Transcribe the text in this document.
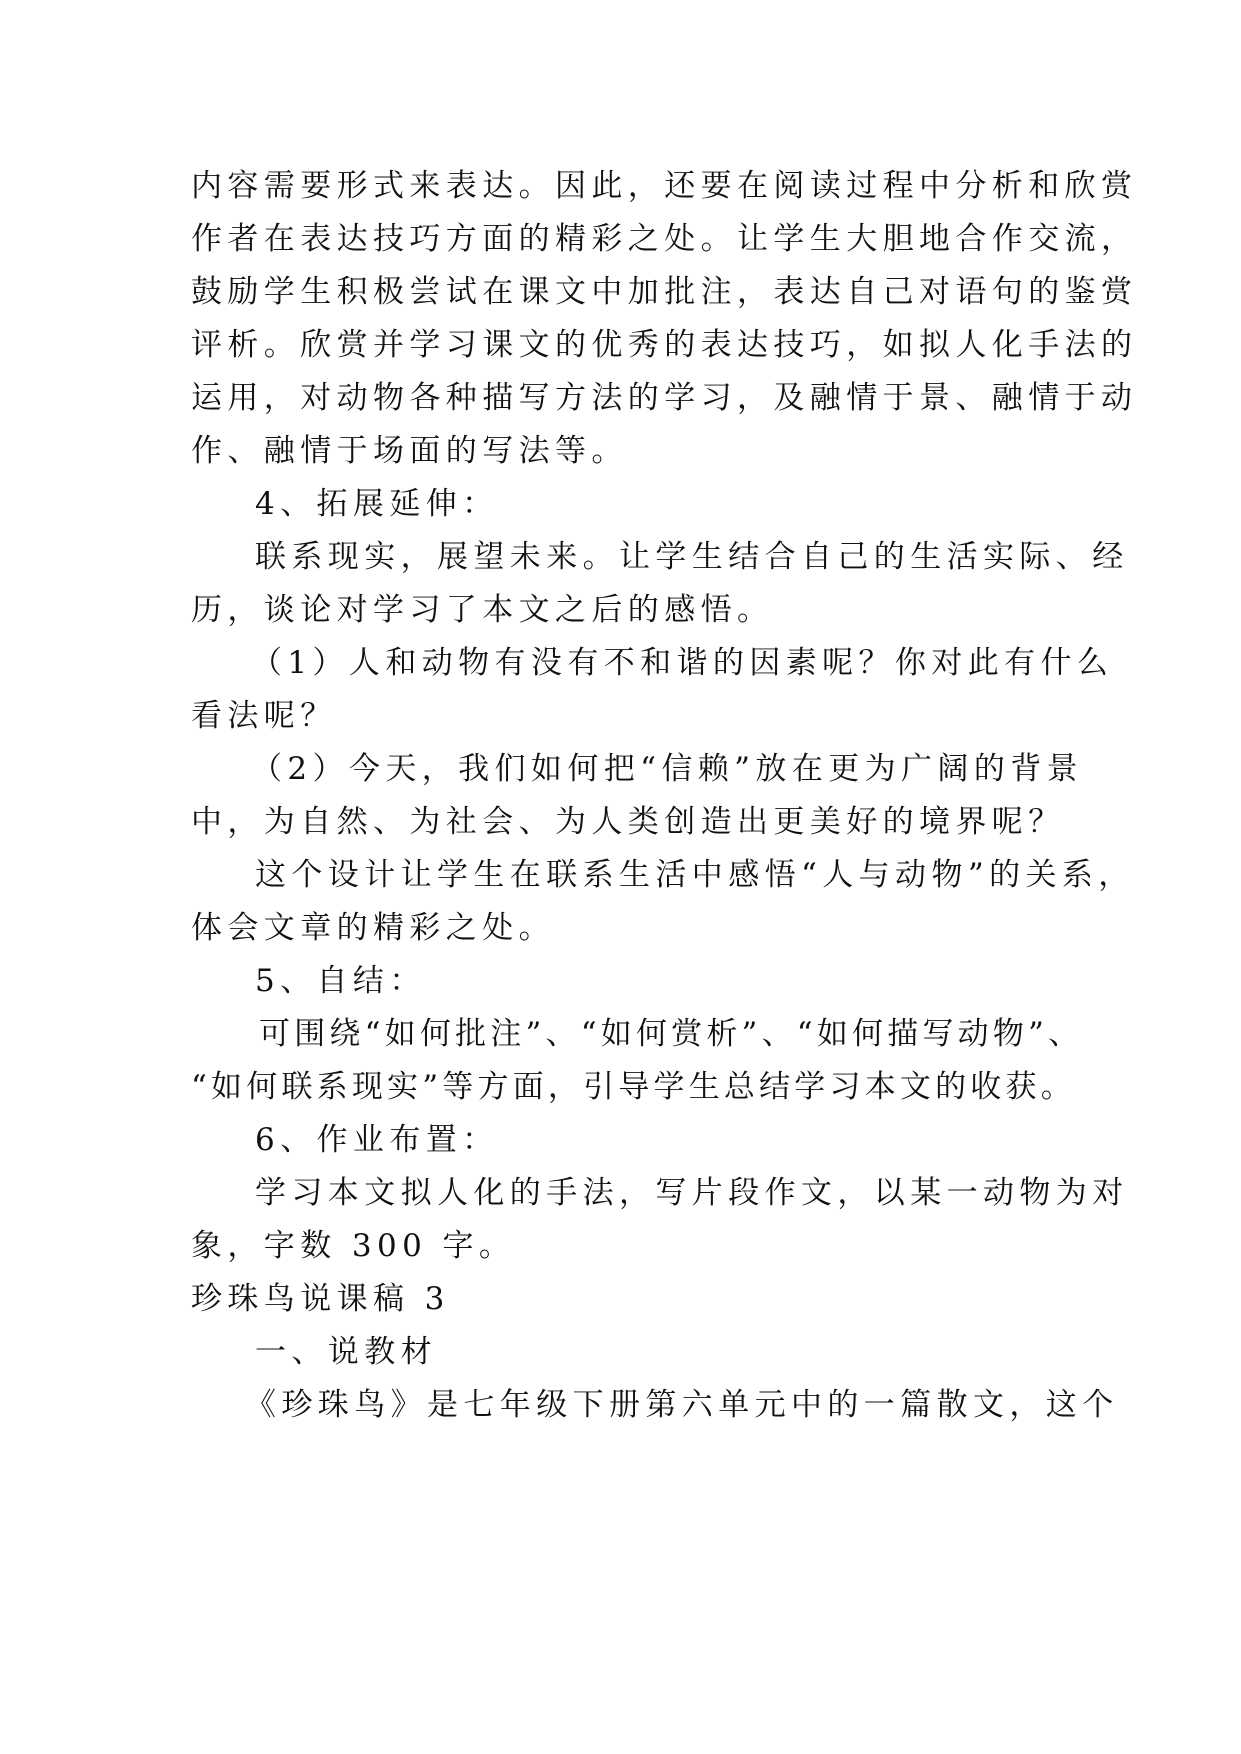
内容需要形式来表达。因此，还要在阅读过程中分析和欣赏
作者在表达技巧方面的精彩之处。让学生大胆地合作交流，
鼓励学生积极尝试在课文中加批注，表达自己对语句的鉴赏
评析。欣赏并学习课文的优秀的表达技巧，如拟人化手法的
运用，对动物各种描写方法的学习，及融情于景、融情于动
作、融情于场面的写法等。
4、拓展延伸：
联系现实，展望未来。让学生结合自己的生活实际、经
历，谈论对学习了本文之后的感悟。
（1）人和动物有没有不和谐的因素呢？你对此有什么
看法呢？
（2）今天，我们如何把“信赖”放在更为广阔的背景
中，为自然、为社会、为人类创造出更美好的境界呢？
这个设计让学生在联系生活中感悟“人与动物”的关系，
体会文章的精彩之处。
5、自结：
可围绕“如何批注”、“如何赏析”、“如何描写动物”、
“如何联系现实”等方面，引导学生总结学习本文的收获。
6、作业布置：
学习本文拟人化的手法，写片段作文，以某一动物为对
象，字数 300 字。
珍珠鸟说课稿 3
一、说教材
《珍珠鸟》是七年级下册第六单元中的一篇散文，这个
